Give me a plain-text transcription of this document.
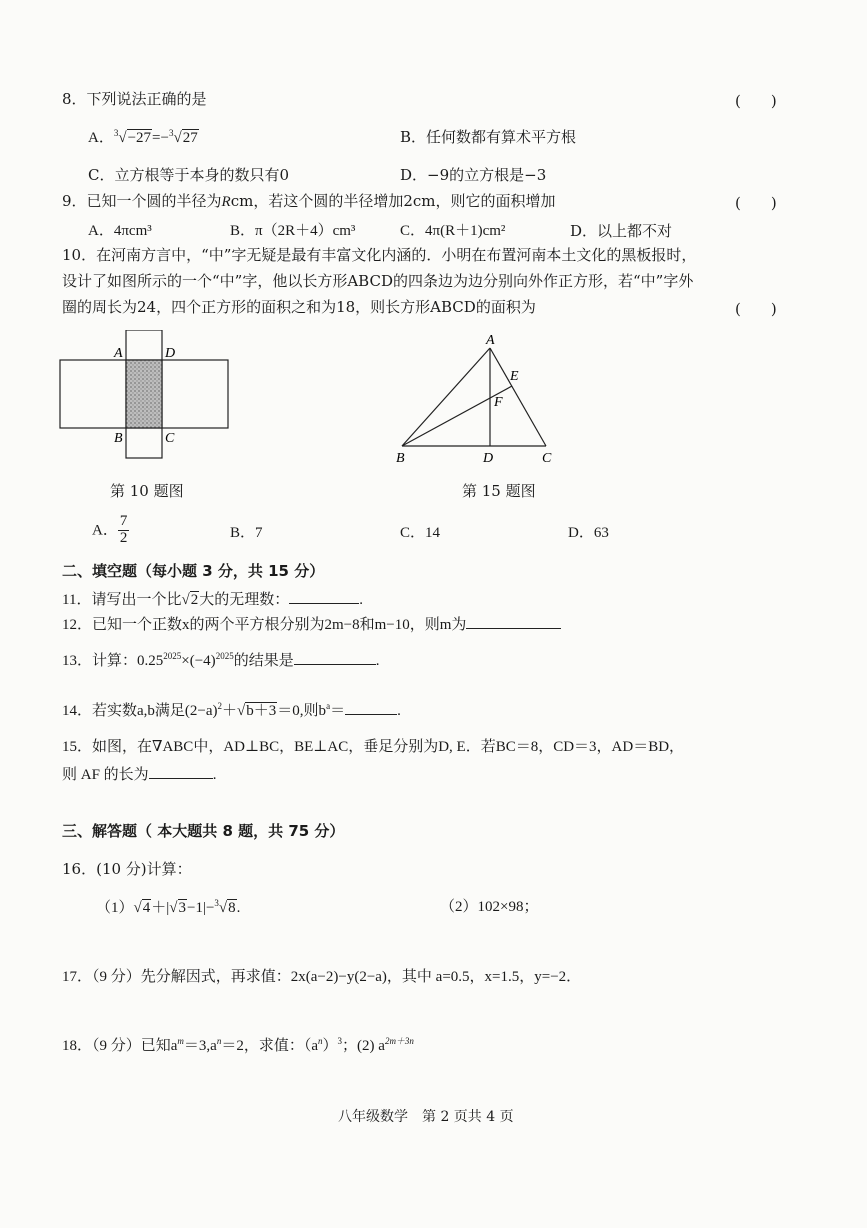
8．下列说法正确的是	(　　)
A．$^3$√−27=−$^3$√27	B．任何数都有算术平方根
C．立方根等于本身的数只有0	D．−9的立方根是−3
9．已知一个圆的半径为Rcm，若这个圆的半径增加2cm，则它的面积增加	(　　)
A．4πcm³	B．π（2R＋4）cm³	C．4π(R＋1)cm²	D．以上都不对
10．在河南方言中，“中”字无疑是最有丰富文化内涵的．小明在布置河南本土文化的黑板报时，
设计了如图所示的一个“中”字，他以长方形ABCD的四条边为边分别向外作正方形，若“中”字外
圈的周长为24，四个正方形的面积之和为18，则长方形ABCD的面积为	(　　)
A	D
B	C
第 10 题图
A
E
F
B	D	C
第 15 题图
A． $\frac{7}{2}$	B．7	C．14	D．63
二、填空题（每小题 3 分，共 15 分）
11．请写出一个比√2大的无理数：	.
12．已知一个正数x的两个平方根分别为2m−8和m−10，则m为
13．计算：$0.25^{2025}\times(-4)^{2025}$的结果是	.
14．若实数a,b满足$(2-a)^2+√b+3=0$,则$b^a=$	.
15．如图，在∇ABC中，AD⊥BC，BE⊥AC，垂足分别为D, E．若BC＝8，CD＝3，AD＝BD，
则 AF 的长为	.
三、解答题（ 本大题共 8 题，共 75 分）
16．(10 分)计算：
（1）√4＋|√3−1|−$^3$√8.	（2）102×98；
17．（9 分）先分解因式，再求值：2x(a−2)−y(2−a)，其中 a=0.5，x=1.5，y=−2．
18．（9 分）已知$a^m=3,a^n=2$，求值：$(a^n)^3$；(2) $a^{2m+3n}$
八年级数学　第 2 页共 4 页
